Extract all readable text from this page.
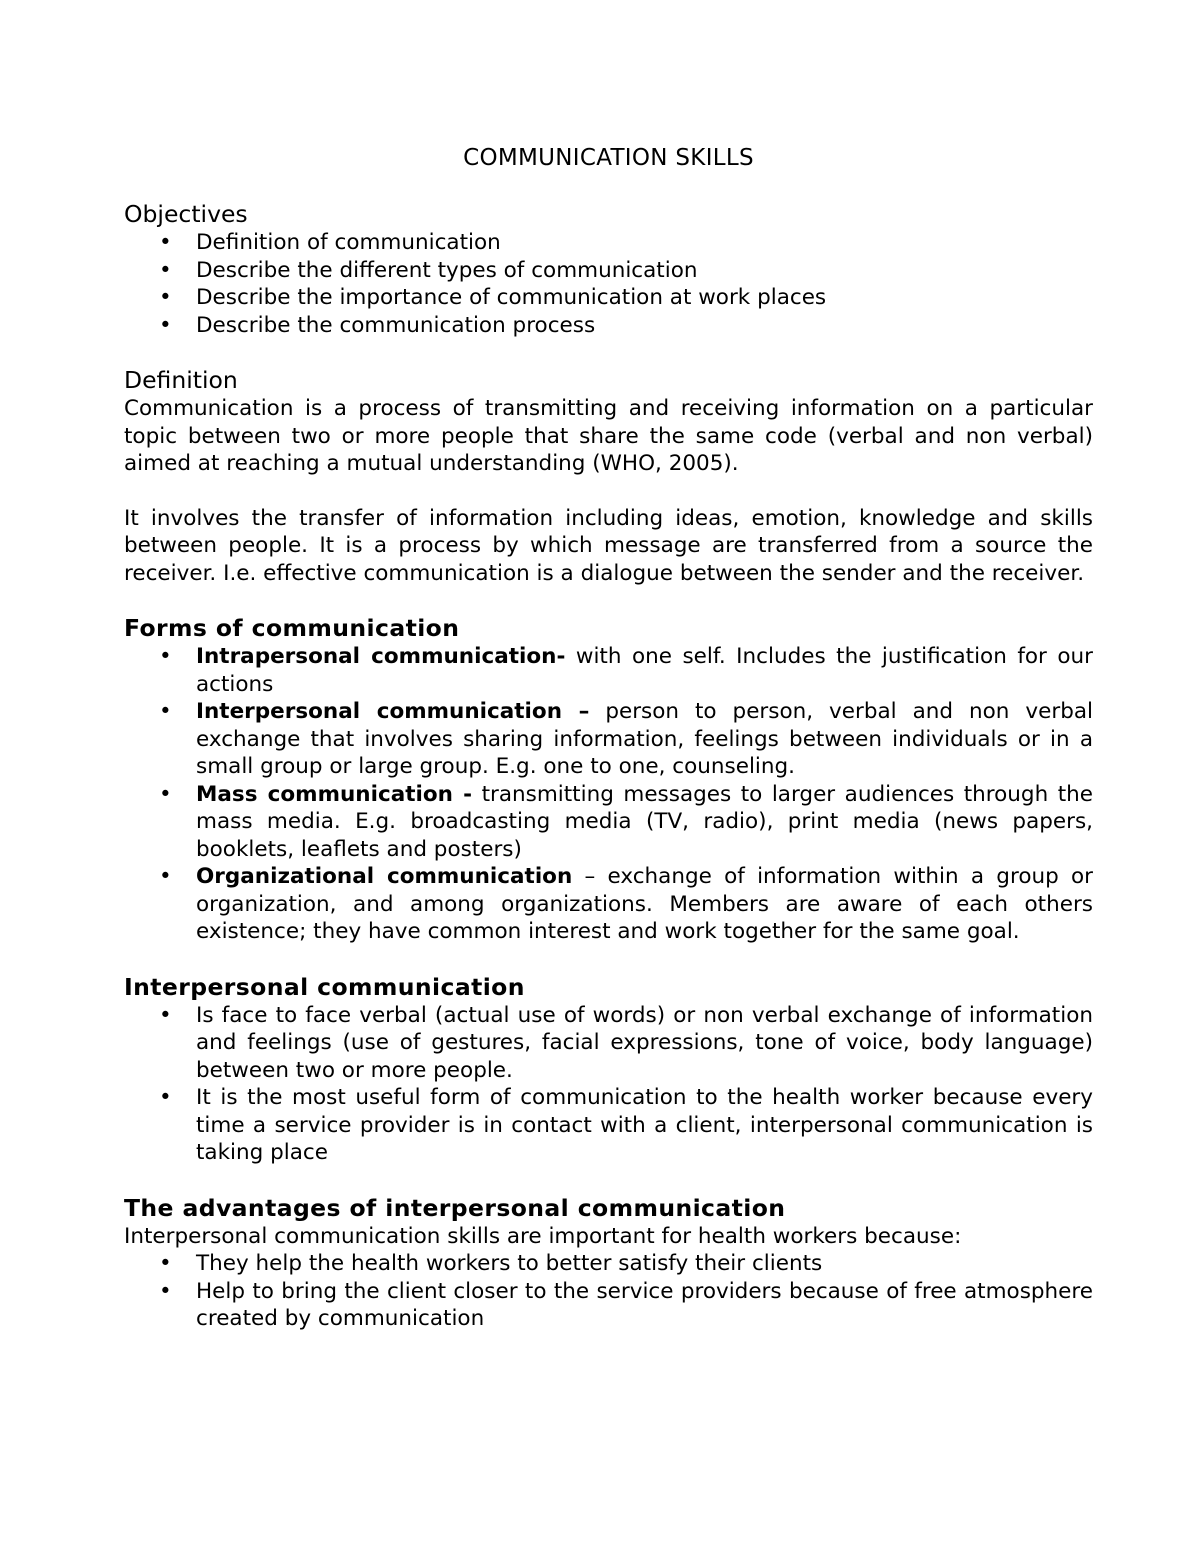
COMMUNICATION SKILLS
Objectives
• Definition of communication
• Describe the different types of communication
• Describe the importance of communication at work places
• Describe the communication process
Definition

Communication is a process of transmitting and receiving information on a particular topic between two or more people that share the same code (verbal and non verbal) aimed at reaching a mutual understanding (WHO, 2005).

It involves the transfer of information including ideas, emotion, knowledge and skills between people. It is a process by which message are transferred from a source the receiver. I.e. effective communication is a dialogue between the sender and the receiver.

Forms of communication
• Intrapersonal communication- with one self. Includes the justification for our actions
• Interpersonal communication – person to person, verbal and non verbal exchange that involves sharing information, feelings between individuals or in a small group or large group. E.g. one to one, counseling.
• Mass communication - transmitting messages to larger audiences through the mass media. E.g. broadcasting media (TV, radio), print media (news papers, booklets, leaflets and posters)
• Organizational communication – exchange of information within a group or organization, and among organizations. Members are aware of each others existence; they have common interest and work together for the same goal.
Interpersonal communication
• Is face to face verbal (actual use of words) or non verbal exchange of information and feelings (use of gestures, facial expressions, tone of voice, body language) between two or more people.
• It is the most useful form of communication to the health worker because every time a service provider is in contact with a client, interpersonal communication is taking place
The advantages of interpersonal communication

Interpersonal communication skills are important for health workers because:

• They help the health workers to better satisfy their clients
• Help to bring the client closer to the service providers because of free atmosphere created by communication
